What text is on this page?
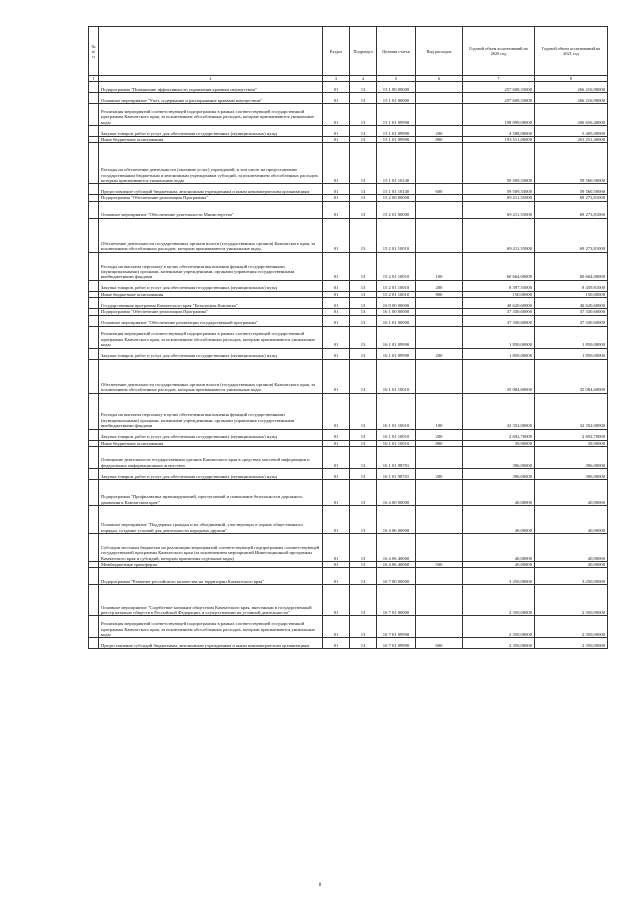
№ п/п		Раздел	Подраздел	Целевая статья	Вид расходов	Годовой объем ассигнований на 2020 год	Годовой объем ассигнований на 2021 год
1	2	3	4	5	6	7	8
	Подпрограмма "Повышение эффективности управления краевым имуществом"	01	13	15 1 00 00000		257 608,33000	266 216,90000
	Основное мероприятие "Учет, содержание и распоряжение краевым имуществом"	01	13	15 1 01 00000		257 608,33000	266 216,90000
	Реализация мероприятий соответствующей подпрограммы в рамках соответствующей государственной программы Камчатского края, за исключением обособленных расходов, которые присваиваются уникальные коды	01	13	15 1 01 09990		198 099,00000	206 656,40000
	Закупка товаров, работ и услуг для обеспечения государственных (муниципальных) нужд	01	13	15 1 01 09990	200	4 588,00000	5 405,00000
	Иные бюджетные ассигнования	01	13	15 1 01 09990	800	193 511,00000	201 251,40000
	Расходы на обеспечение деятельности (оказание услуг) учреждений, в том числе на предоставление государственным бюджетным и автономным учреждениям субсидий, за исключением обособленных расходов, которым присваиваются уникальные коды	01	13	15 1 01 10140		59 509,33000	59 560,50000
	Предоставление субсидий бюджетным, автономным учреждениям и иным некоммерческим организациям	01	13	15 1 01 10140	600	59 509,33000	59 560,50000
	Подпрограмма "Обеспечение реализации Программы"	01	13	15 2 00 00000		69 211,55000	69 273,81000
	Основное мероприятие "Обеспечение деятельности Министерства"	01	13	15 2 01 00000		69 211,55000	69 273,81000
	Обеспечение деятельности государственных органов власти (государственных органов) Камчатского края, за исключением обособленных расходов, которым присваиваются уникальные коды.	01	13	15 2 01 10010		69 211,55000	69 273,81000
	Расходы на выплаты персоналу в целях обеспечения выполнения функций государственными (муниципальными) органами, казенными учреждениями, органами управления государственными внебюджетными фондами	01	13	15 2 01 10010	100	60 664,00000	60 664,00000
	Закупка товаров, работ и услуг для обеспечения государственных (муниципальных) нужд	01	13	15 2 01 10010	200	8 397,55000	8 459,81000
	Иные бюджетные ассигнования	01	13	15 2 01 10010	800	150,00000	150,00000
	Государственная программа Камчатского края "Безопасная Камчатка"	01	13	16 0 00 00000		40 620,60000	40 620,60000
	Подпрограмма "Обеспечение реализации Программы"	01	13	16 1 00 00000		37 330,60000	37 330,60000
	Основное мероприятие "Обеспечение реализации государственной программы"	01	13	16 1 01 00000		37 330,60000	37 330,60000
	Реализация мероприятий соответствующей подпрограммы в рамках соответствующей государственной программы Камчатского края, за исключением обособленных расходов, которым присваиваются уникальные коды	01	13	16 1 01 09990		1 850,00000	1 850,00000
	Закупка товаров, работ и услуг для обеспечения государственных (муниципальных) нужд	01	13	16 1 01 09990	200	1 850,00000	1 850,00000
	Обеспечение деятельности государственных органов власти (государственных органов) Камчатского края, за исключением обособленных расходов, которым присваиваются уникальные коды.	01	13	16 1 01 10010		35 084,60000	35 084,60000
	Расходы на выплаты персоналу в целях обеспечения выполнения функций государственными (муниципальными) органами, казенными учреждениями, органами управления государственными внебюджетными фондами	01	13	16 1 01 10010	100	32 352,00000	32 352,00000
	Закупка товаров, работ и услуг для обеспечения государственных (муниципальных) нужд	01	13	16 1 01 10010	200	2 692,70000	2 692,70000
	Иные бюджетные ассигнования	01	13	16 1 01 10010	800	39,90000	39,90000
	Освещение деятельности государственных органов Камчатского края в средствах массовой информации и федеральных информационных агентствах	01	13	16 1 01 98701		396,00000	396,00000
	Закупка товаров, работ и услуг для обеспечения государственных (муниципальных) нужд	01	13	16 1 01 98701	200	396,00000	396,00000
	Подпрограмма "Профилактика правонарушений, преступлений и повышение безопасности дорожного движения в Камчатском крае"	01	13	16 4 00 00000		40,00000	40,00000
	Основное мероприятие "Поддержка граждан и их объединений, участвующих в охране общественного порядка, создание условий для деятельности народных дружин"	01	13	16 4 06 00000		40,00000	40,00000
	Субсидии местным бюджетам на реализацию мероприятий соответствующей подпрограммы соответствующей государственной программы Камчатского края (за исключением мероприятий Инвестиционной программы Камчатского края и субсидий, которым присвоены отдельные коды)	01	13	16 4 06 40060		40,00000	40,00000
	Межбюджетные трансферты	01	13	16 4 06 40060	500	40,00000	40,00000
	Подпрограмма "Развитие российского казачества на территории Камчатского края"	01	13	16 7 00 00000		3 250,00000	3 250,00000
	Основное мероприятие "Содействие казачьим обществам Камчатского края, внесенным в государственный реестр казачьих обществ в Российской Федерации, в осуществлении их уставной деятельности"	01	13	16 7 01 00000		2 350,00000	2 350,00000
	Реализация мероприятий соответствующей подпрограммы в рамках соответствующей государственной программы Камчатского края, за исключением обособленных расходов, которым присваиваются уникальные коды	01	13	16 7 01 09990		2 350,00000	2 350,00000
	Предоставление субсидий бюджетным, автономным учреждениям и иным некоммерческим организациям	01	13	16 7 01 09990	600	2 350,00000	2 350,00000
8
